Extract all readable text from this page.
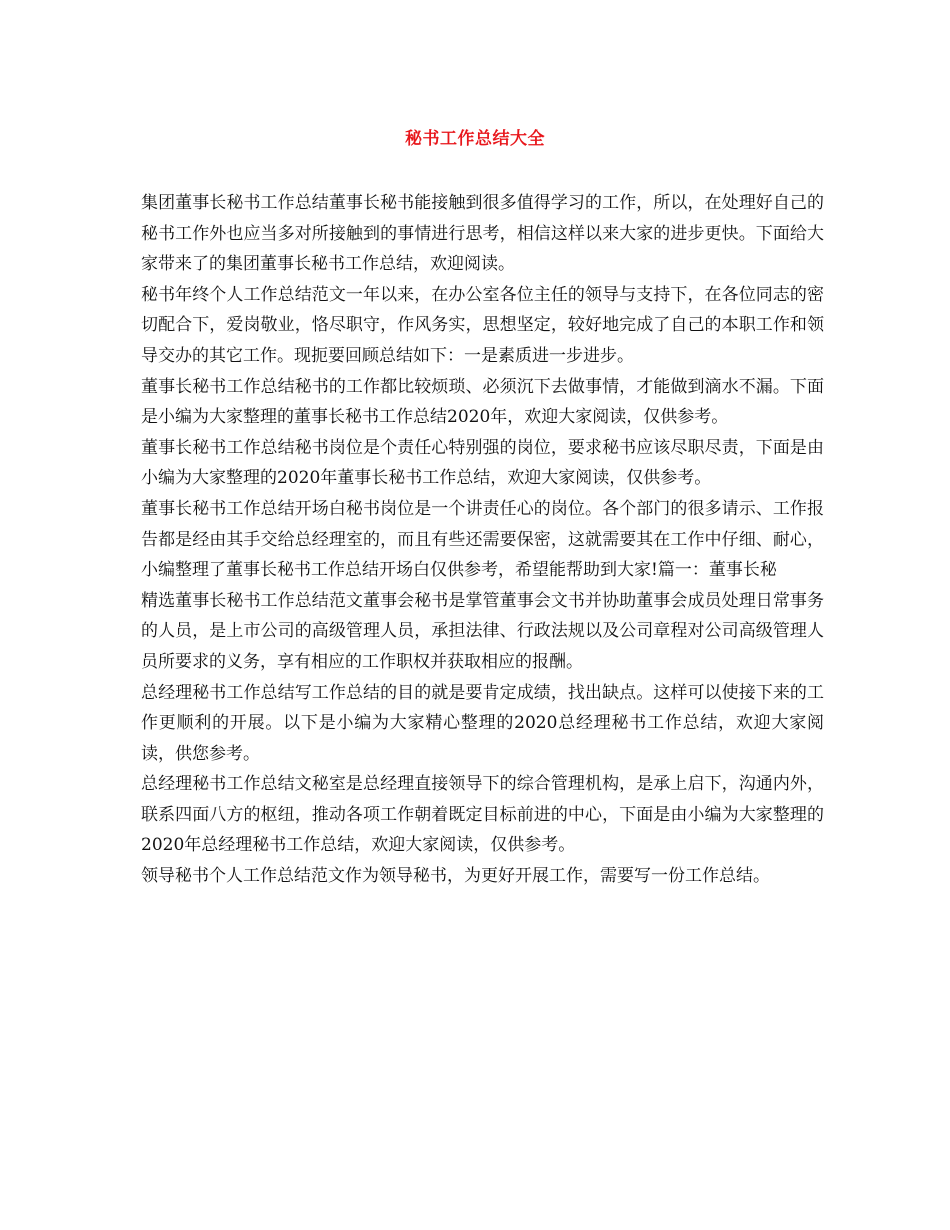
秘书工作总结大全

集团董事长秘书工作总结董事长秘书能接触到很多值得学习的工作，所以，在处理好自己的秘书工作外也应当多对所接触到的事情进行思考，相信这样以来大家的进步更快。下面给大家带来了的集团董事长秘书工作总结，欢迎阅读。

秘书年终个人工作总结范文一年以来，在办公室各位主任的领导与支持下，在各位同志的密切配合下，爱岗敬业，恪尽职守，作风务实，思想坚定，较好地完成了自己的本职工作和领导交办的其它工作。现扼要回顾总结如下：一是素质进一步进步。

董事长秘书工作总结秘书的工作都比较烦琐、必须沉下去做事情，才能做到滴水不漏。下面是小编为大家整理的董事长秘书工作总结2020年，欢迎大家阅读，仅供参考。

董事长秘书工作总结秘书岗位是个责任心特别强的岗位，要求秘书应该尽职尽责，下面是由小编为大家整理的2020年董事长秘书工作总结，欢迎大家阅读，仅供参考。

董事长秘书工作总结开场白秘书岗位是一个讲责任心的岗位。各个部门的很多请示、工作报告都是经由其手交给总经理室的，而且有些还需要保密，这就需要其在工作中仔细、耐心，小编整理了董事长秘书工作总结开场白仅供参考，希望能帮助到大家!篇一：董事长秘

精选董事长秘书工作总结范文董事会秘书是掌管董事会文书并协助董事会成员处理日常事务的人员，是上市公司的高级管理人员，承担法律、行政法规以及公司章程对公司高级管理人员所要求的义务，享有相应的工作职权并获取相应的报酬。

总经理秘书工作总结写工作总结的目的就是要肯定成绩，找出缺点。这样可以使接下来的工作更顺利的开展。以下是小编为大家精心整理的2020总经理秘书工作总结，欢迎大家阅读，供您参考。

总经理秘书工作总结文秘室是总经理直接领导下的综合管理机构，是承上启下，沟通内外，联系四面八方的枢纽，推动各项工作朝着既定目标前进的中心，下面是由小编为大家整理的2020年总经理秘书工作总结，欢迎大家阅读，仅供参考。

领导秘书个人工作总结范文作为领导秘书，为更好开展工作，需要写一份工作总结。
